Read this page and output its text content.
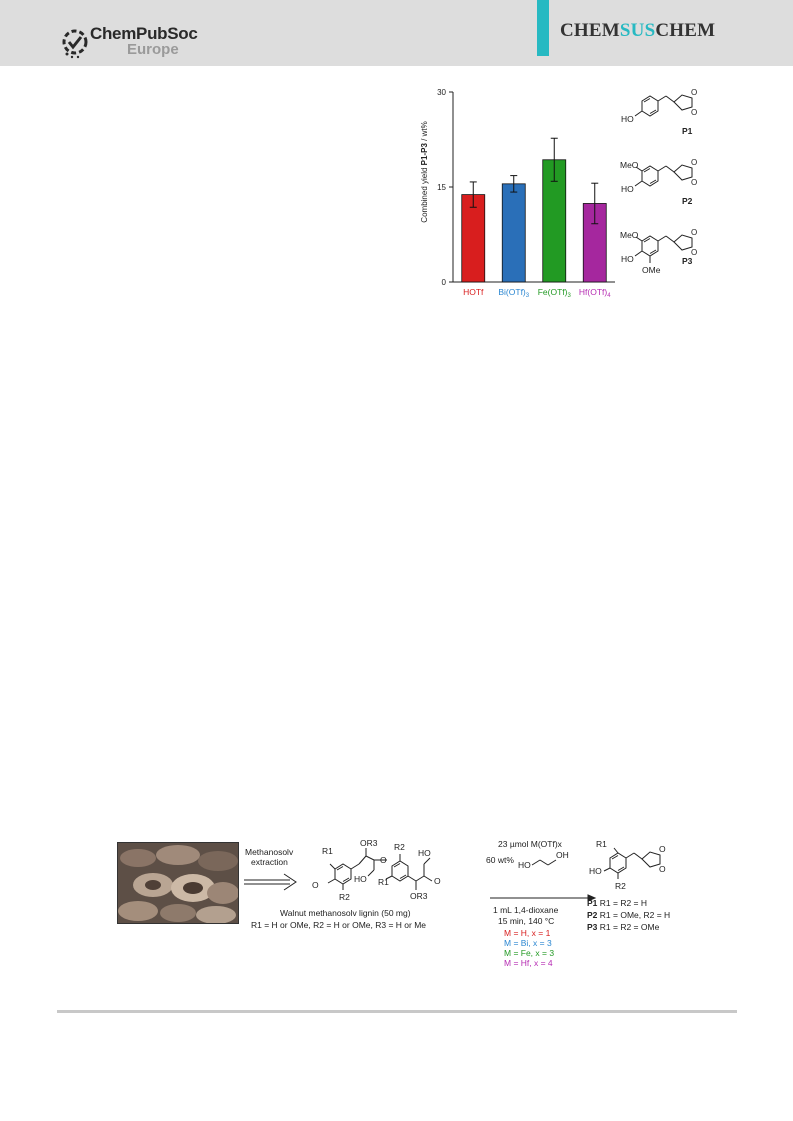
ChemPubSoc
Europe
CHEMSUSCHEM
Combined yield P1-P3 / wt%
0
15
30
HOTf $Bi(OTf)_3$ $Fe(OTf)_3$ $Hf(OTf)_4$
HO
P1
MeO
HO
P2
MeO
HO
OMe
P3
O
O
O
O
O
O
Methanosolv
extraction
R1
O
R2
OR3
O
HO
R2
R1
HO
O
OR3
Walnut methanosolv lignin (50 mg)
R1 = H or OMe, R2 = H or OMe, R3 = H or Me
23 µmol M(OTf)x
60 wt% HO
OH
1 mL 1,4-dioxane
15 min, 140 °C
M = H, x = 1
M = Bi, x = 3
M = Fe, x = 3
M = Hf, x = 4
R1
HO
R2
O
O
P1 R1 = R2 = H
P2 R1 = OMe, R2 = H
P3 R1 = R2 = OMe
